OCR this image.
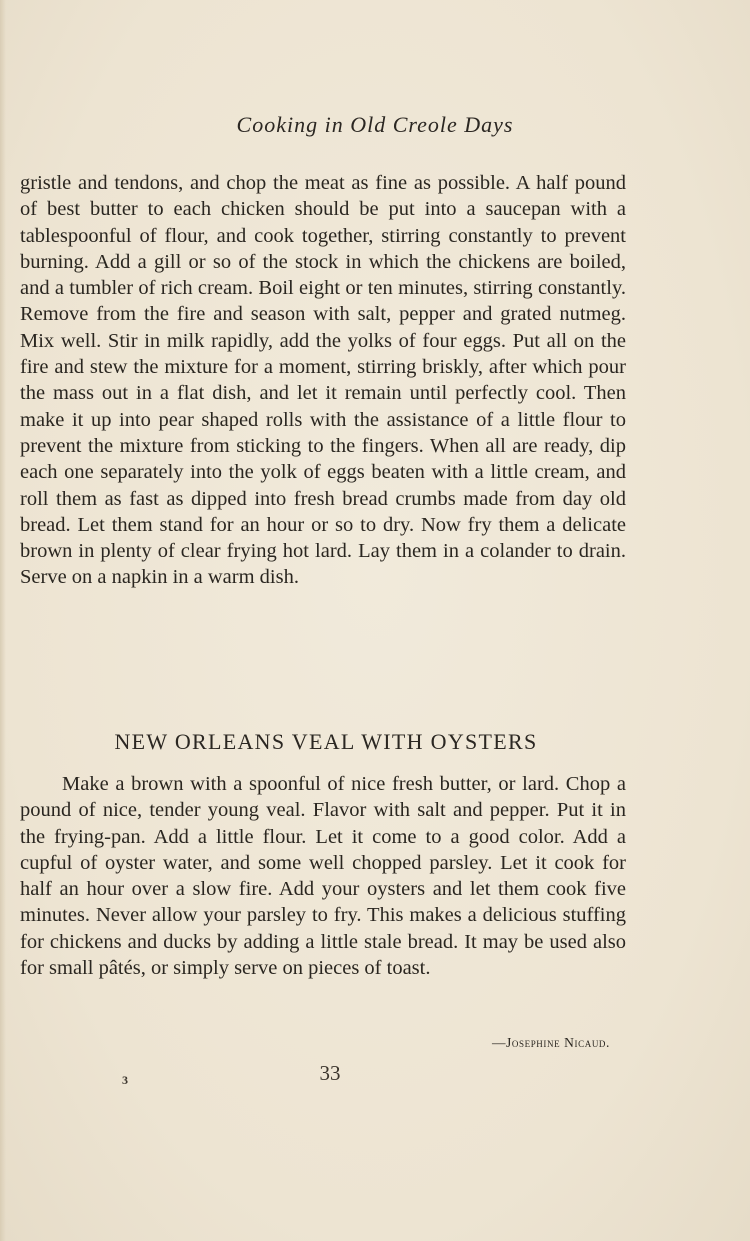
Cooking in Old Creole Days

gristle and tendons, and chop the meat as fine as possible. A half pound of best butter to each chicken should be put into a saucepan with a tablespoonful of flour, and cook together, stirring constantly to prevent burning. Add a gill or so of the stock in which the chickens are boiled, and a tumbler of rich cream. Boil eight or ten minutes, stirring constantly. Remove from the fire and season with salt, pepper and grated nutmeg. Mix well. Stir in milk rapidly, add the yolks of four eggs. Put all on the fire and stew the mixture for a moment, stirring briskly, after which pour the mass out in a flat dish, and let it remain until perfectly cool. Then make it up into pear shaped rolls with the assistance of a little flour to prevent the mixture from sticking to the fingers. When all are ready, dip each one separately into the yolk of eggs beaten with a little cream, and roll them as fast as dipped into fresh bread crumbs made from day old bread. Let them stand for an hour or so to dry. Now fry them a delicate brown in plenty of clear frying hot lard. Lay them in a colander to drain. Serve on a napkin in a warm dish.

NEW ORLEANS VEAL WITH OYSTERS

Make a brown with a spoonful of nice fresh butter, or lard. Chop a pound of nice, tender young veal. Flavor with salt and pepper. Put it in the frying-pan. Add a little flour. Let it come to a good color. Add a cupful of oyster water, and some well chopped parsley. Let it cook for half an hour over a slow fire. Add your oysters and let them cook five minutes. Never allow your parsley to fry. This makes a delicious stuffing for chickens and ducks by adding a little stale bread. It may be used also for small pâtés, or simply serve on pieces of toast.

—Josephine Nicaud.
3	33
